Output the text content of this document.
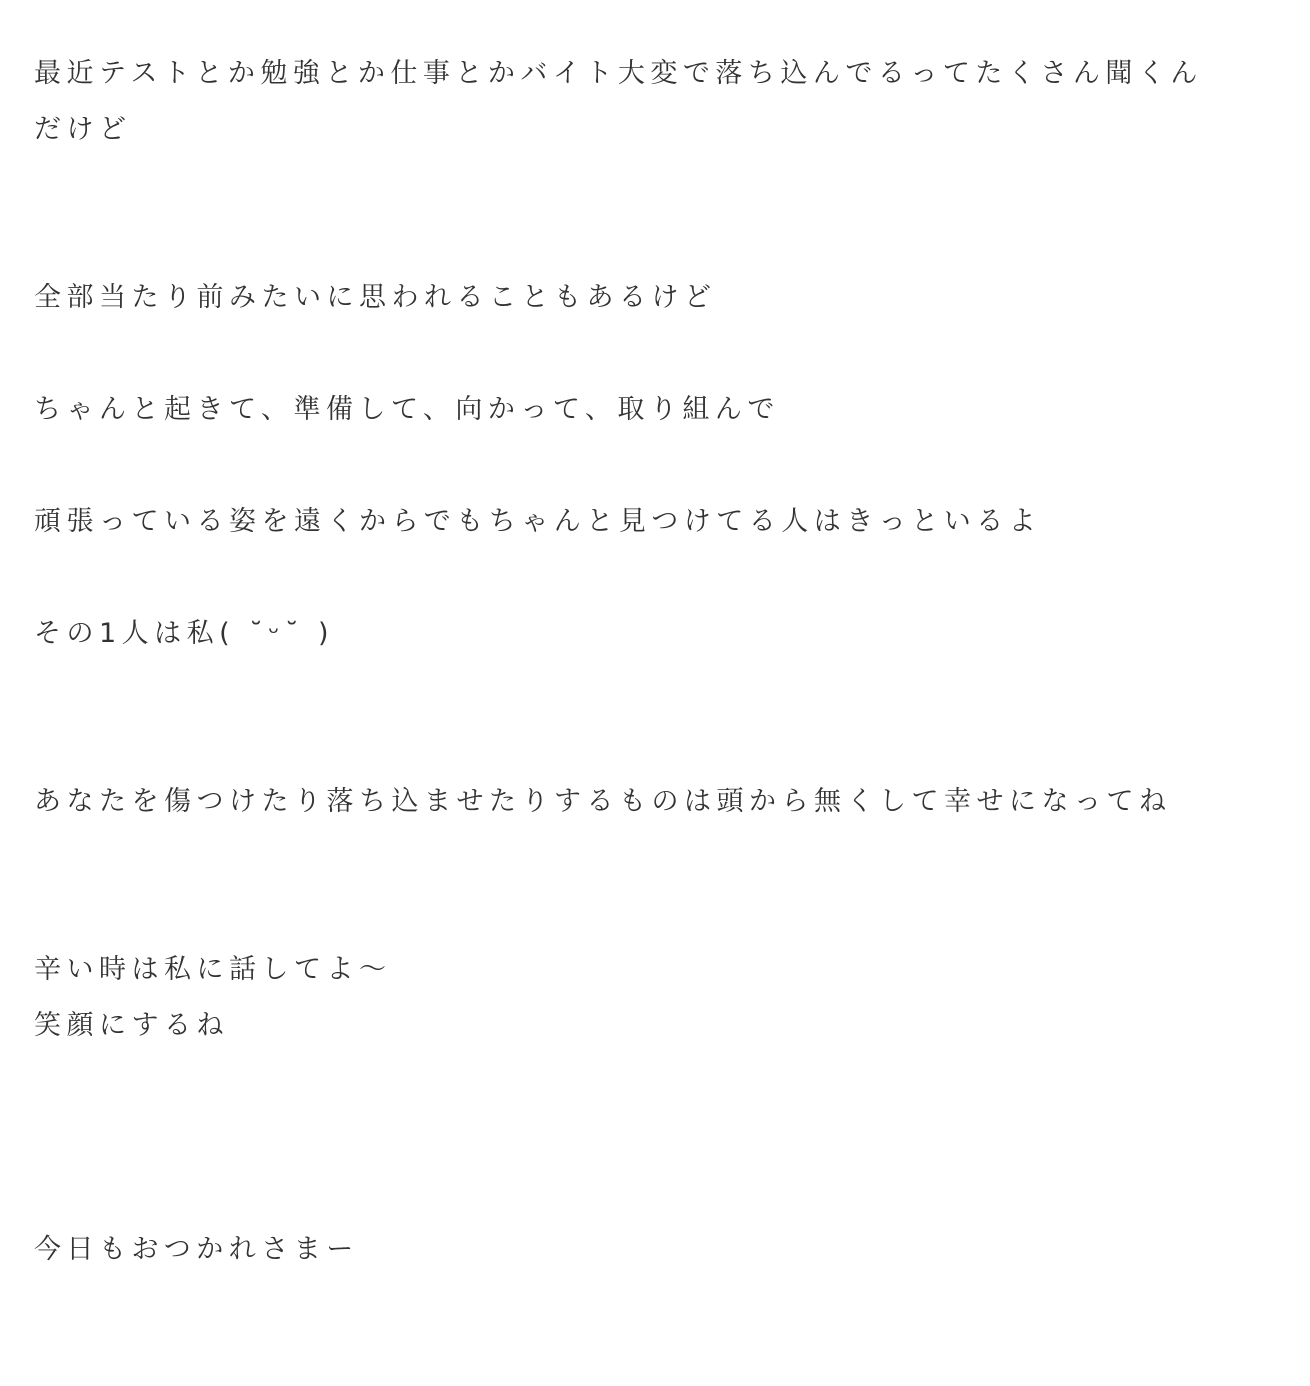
最近テストとか勉強とか仕事とかバイト大変で落ち込んでるってたくさん聞くんだけど

全部当たり前みたいに思われることもあるけど

ちゃんと起きて、準備して、向かって、取り組んで

頑張っている姿を遠くからでもちゃんと見つけてる人はきっといるよ

その1人は私( ˘ᵕ˘ )

あなたを傷つけたり落ち込ませたりするものは頭から無くして幸せになってね

辛い時は私に話してよ〜

笑顔にするね

今日もおつかれさまー
